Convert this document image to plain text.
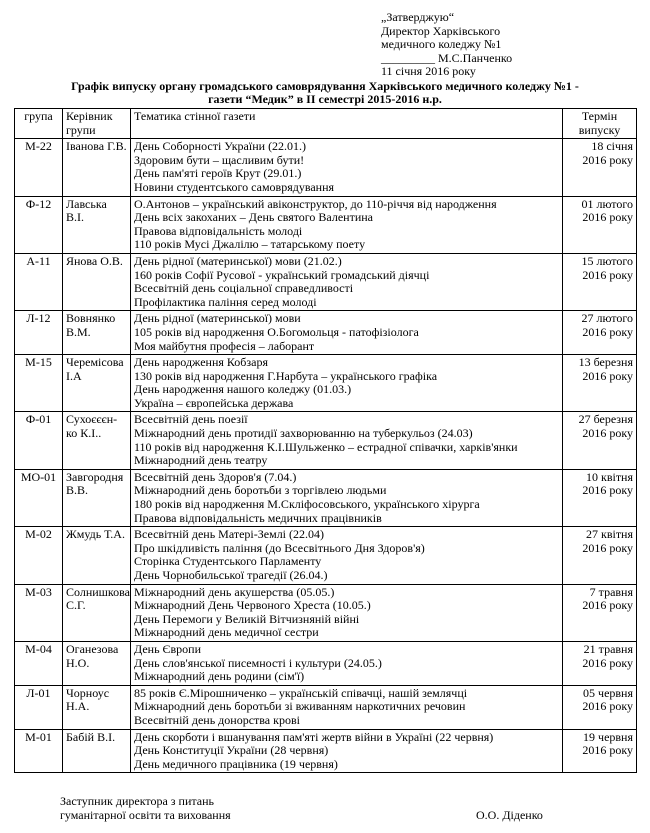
„Затверджую“
Директор Харківського
медичного коледжу №1
_________ М.С.Панченко
11 січня 2016 року
Графік випуску органу громадського самоврядування Харківського медичного коледжу №1 -
газети “Медик” в ІІ семестрі 2015-2016 н.р.
група	Керівник групи	Тематика стінної газети	Термін випуску
М-22	Іванова Г.В.	День Соборності України (22.01.)
Здоровим бути – щасливим бути!
День пам'яті героїв Крут (29.01.)
Новини студентського самоврядування	18 січня 2016 року
Ф-12	Лавська В.І.	О.Антонов – український авіконструктор, до 110-річчя від народження
День всіх закоханих – День святого Валентина
Правова відповідальність молоді
110 років Мусі Джалілю – татарському поету	01 лютого 2016 року
А-11	Янова О.В.	День рідної (материнської) мови (21.02.)
160 років Софії Русової - український громадський діячці
Всесвітній день соціальної справедливості
Профілактика паління серед молоді	15 лютого 2016 року
Л-12	Вовнянко В.М.	День рідної (материнської) мови
105 років від народження О.Богомольця - патофізіолога
Моя майбутня професія – лаборант	27 лютого 2016 року
М-15	Черемісова І.А	День народження Кобзаря
130 років від народження Г.Нарбута – українського графіка
День народження нашого коледжу (01.03.)
Україна – європейська держава	13 березня 2016 року
Ф-01	Сухоєєєн-ко К.І..	Всесвітній день поезії
Міжнародний день протидії захворюванню на туберкульоз (24.03)
110 років від народження К.І.Шульженко – естрадної співачки, харків'янки
Міжнародний день театру	27 березня 2016 року
МО-01	Завгородня В.В.	Всесвітній день Здоров'я (7.04.)
Міжнародний день боротьби з торгівлею людьми
180 років від народження М.Скліфосовського, українського хірурга
Правова відповідальність медичних працівників	10 квітня 2016 року
М-02	Жмудь Т.А.	Всесвітній день Матері-Землі (22.04)
Про шкідливість паління (до Всесвітнього Дня Здоров'я)
Сторінка Студентського Парламенту
День Чорнобильської трагедії (26.04.)	27 квітня 2016 року
М-03	Солнишкова С.Г.	Міжнародний день акушерства (05.05.)
Міжнародний День Червоного Хреста (10.05.)
День Перемоги у Великій Вітчизняній війні
Міжнародний день медичної сестри	7 травня 2016 року
М-04	Оганезова Н.О.	День Європи
День слов'янської писемності і культури (24.05.)
Міжнародний день родини (сім'ї)	21 травня 2016 року
Л-01	Чорноус Н.А.	85 років Є.Мірошниченко – українській співачці, нашій землячці
Міжнародний день боротьби зі вживанням наркотичних речовин
Всесвітній день донорства крові	05 червня 2016 року
М-01	Бабій В.І.	День скорботи і вшанування пам'яті жертв війни в Україні (22 червня)
День Конституції України (28 червня)
День медичного працівника (19 червня)	19 червня 2016 року
Заступник директора з питань
гуманітарної освіти та виховання	О.О. Діденко
